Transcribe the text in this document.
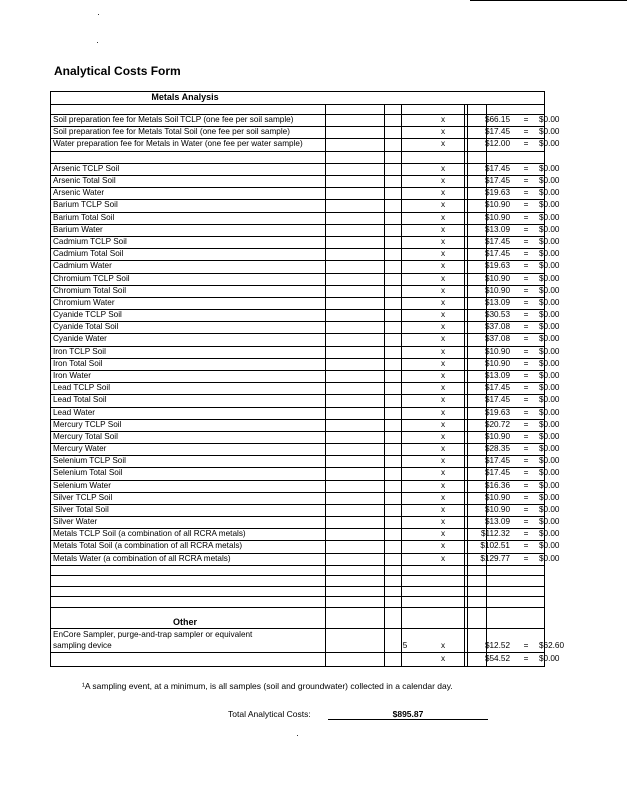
Analytical Costs Form
Metals Analysis
Soil preparation fee for Metals Soil TCLP (one fee per soil sample)	x	$66.15	=	$0.00
Soil preparation fee for Metals Total Soil (one fee per soil sample)	x	$17.45	=	$0.00
Water preparation fee for Metals in Water (one fee per water sample)	x	$12.00	=	$0.00
Arsenic TCLP Soil	x	$17.45	=	$0.00
Arsenic Total Soil	x	$17.45	=	$0.00
Arsenic Water	x	$19.63	=	$0.00
Barium TCLP Soil	x	$10.90	=	$0.00
Barium Total Soil	x	$10.90	=	$0.00
Barium Water	x	$13.09	=	$0.00
Cadmium TCLP Soil	x	$17.45	=	$0.00
Cadmium Total Soil	x	$17.45	=	$0.00
Cadmium Water	x	$19.63	=	$0.00
Chromium TCLP Soil	x	$10.90	=	$0.00
Chromium Total Soil	x	$10.90	=	$0.00
Chromium Water	x	$13.09	=	$0.00
Cyanide TCLP Soil	x	$30.53	=	$0.00
Cyanide Total Soil	x	$37.08	=	$0.00
Cyanide Water	x	$37.08	=	$0.00
Iron TCLP Soil	x	$10.90	=	$0.00
Iron Total Soil	x	$10.90	=	$0.00
Iron Water	x	$13.09	=	$0.00
Lead TCLP Soil	x	$17.45	=	$0.00
Lead Total Soil	x	$17.45	=	$0.00
Lead Water	x	$19.63	=	$0.00
Mercury TCLP Soil	x	$20.72	=	$0.00
Mercury Total Soil	x	$10.90	=	$0.00
Mercury Water	x	$28.35	=	$0.00
Selenium TCLP Soil	x	$17.45	=	$0.00
Selenium Total Soil	x	$17.45	=	$0.00
Selenium Water	x	$16.36	=	$0.00
Silver TCLP Soil	x	$10.90	=	$0.00
Silver Total Soil	x	$10.90	=	$0.00
Silver Water	x	$13.09	=	$0.00
Metals TCLP Soil (a combination of all RCRA metals)	x	$112.32	=	$0.00
Metals Total Soil (a combination of all RCRA metals)	x	$102.51	=	$0.00
Metals Water (a combination of all RCRA metals)	x	$129.77	=	$0.00
EnCore Sampler, purge-and-trap sampler or equivalent
sampling device	5	x	$12.52	=	$62.60
x	$54.52	=	$0.00
Other
¹A sampling event, at a minimum, is all samples (soil and groundwater) collected in a calendar day.
Total Analytical Costs:	$895.87
